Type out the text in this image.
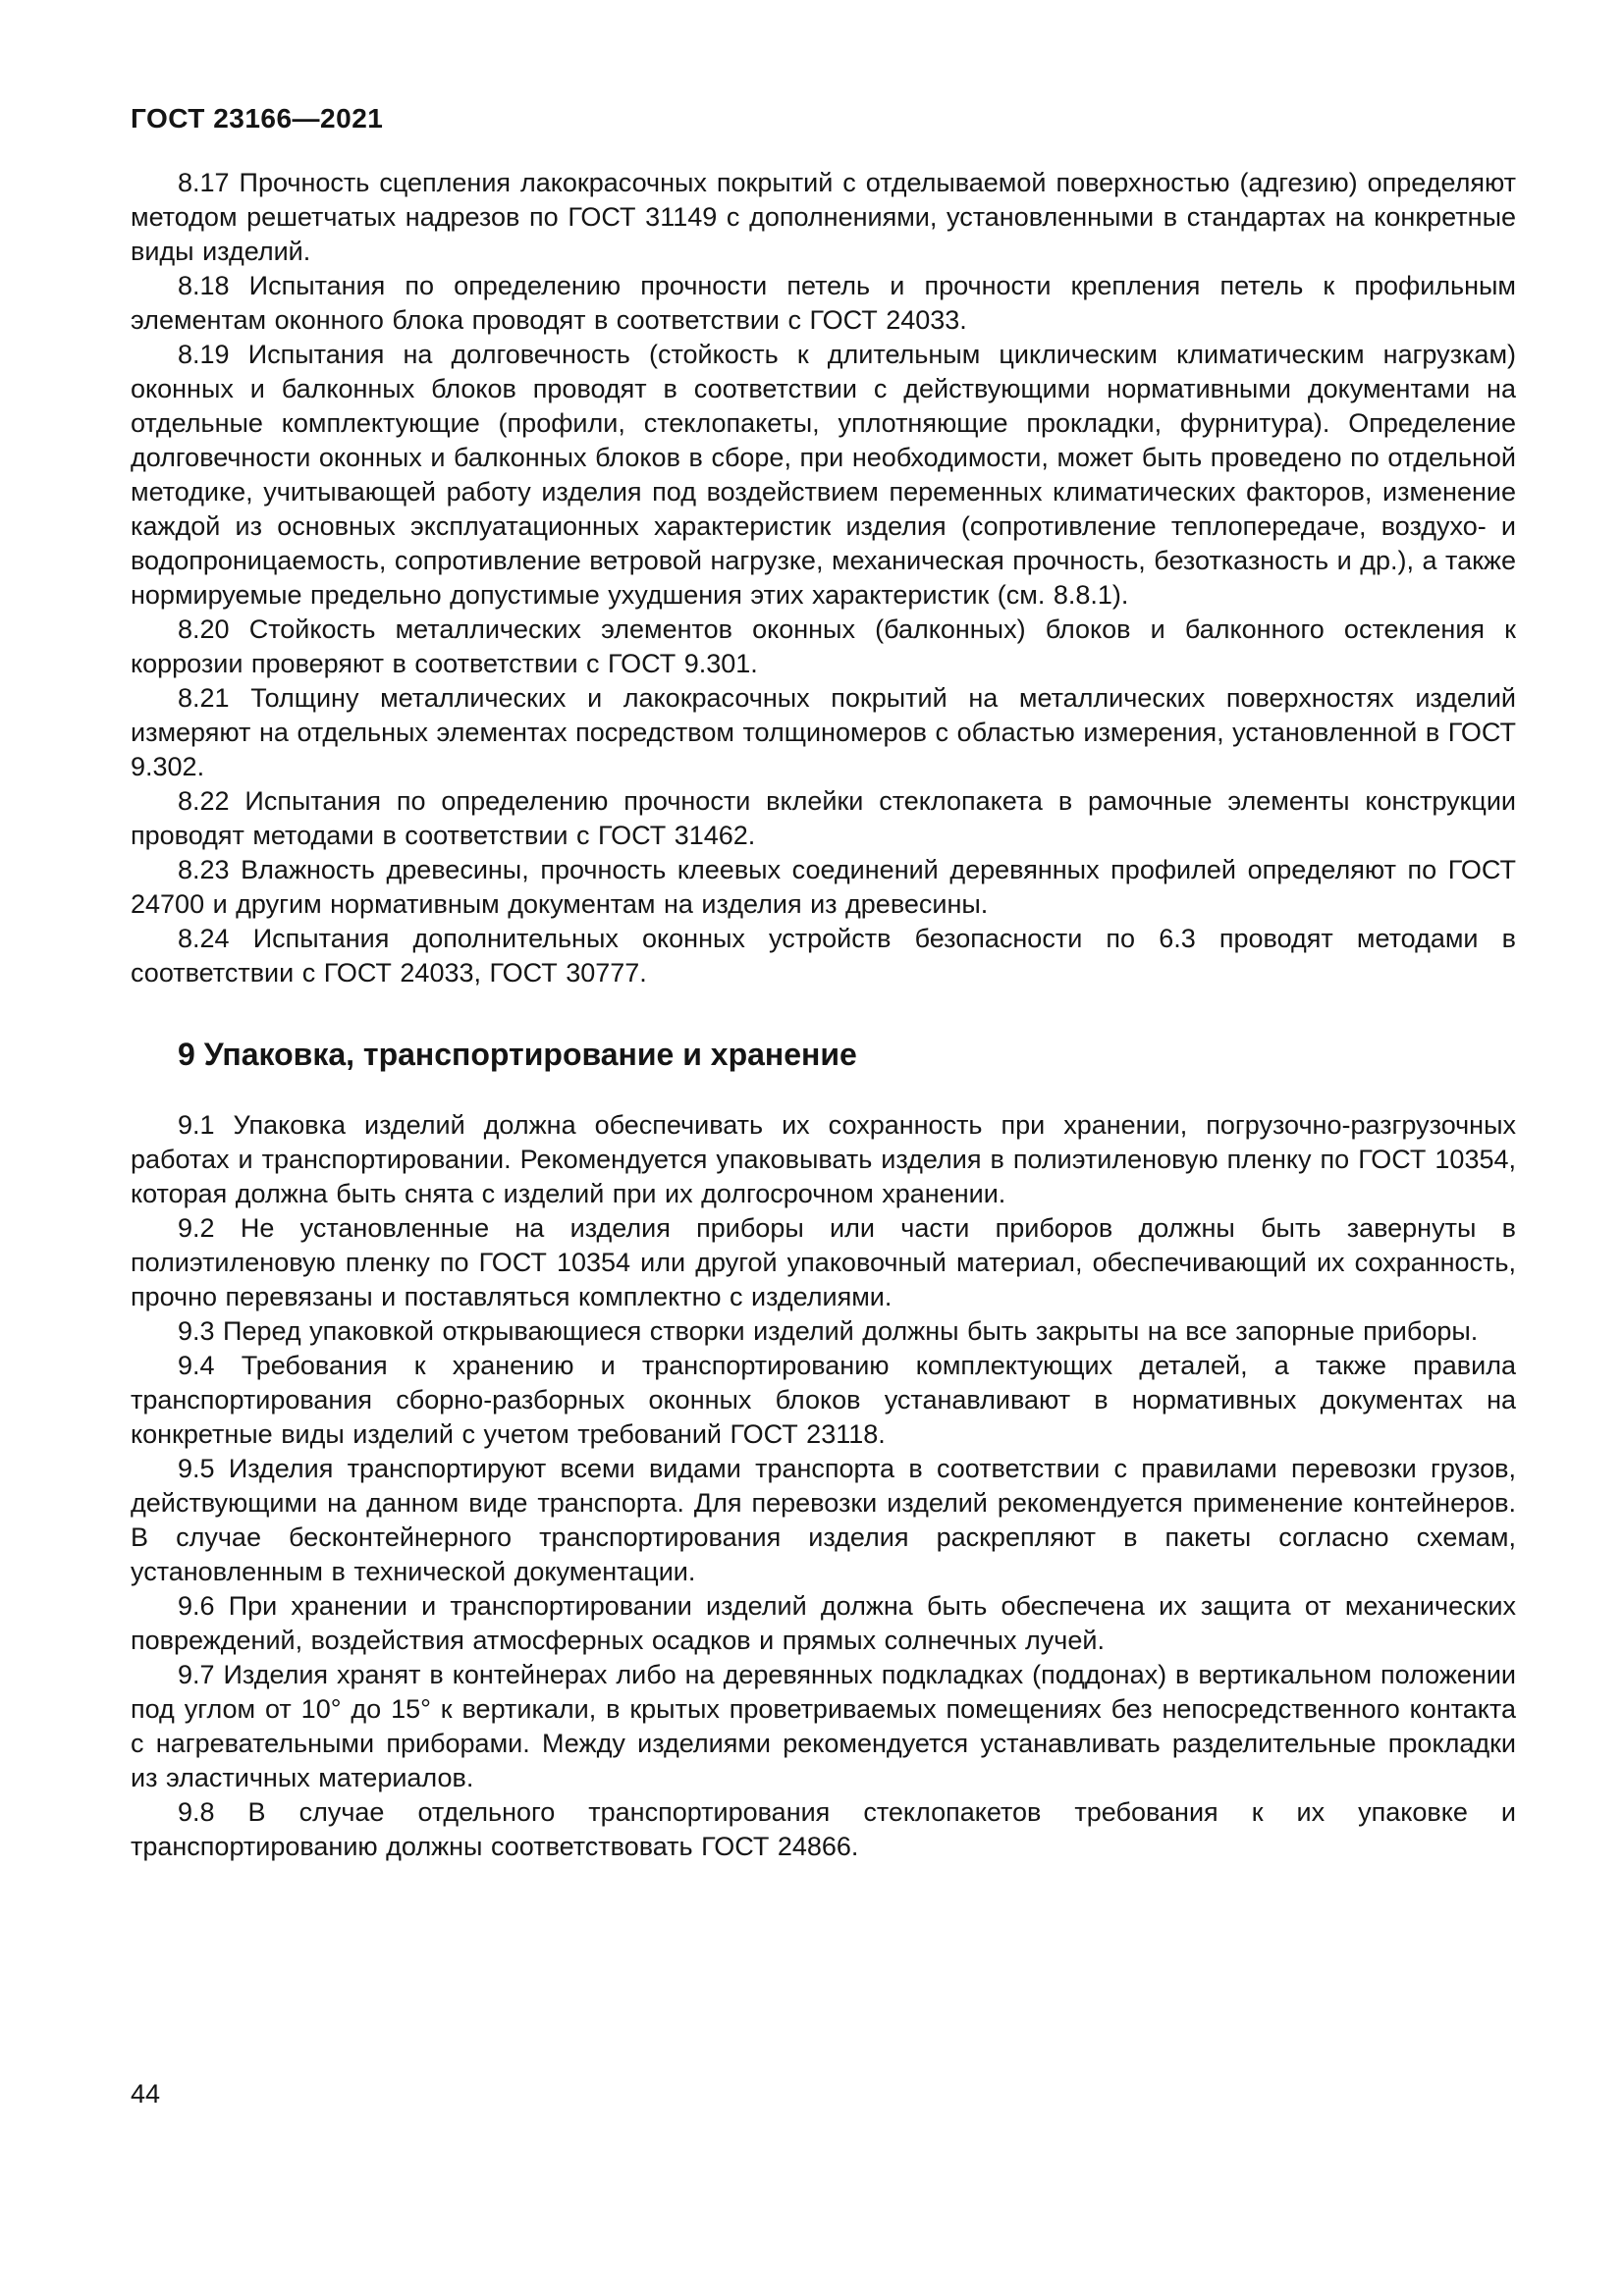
ГОСТ 23166—2021

8.17 Прочность сцепления лакокрасочных покрытий с отделываемой поверхностью (адгезию) определяют методом решетчатых надрезов по ГОСТ 31149 с дополнениями, установленными в стандартах на конкретные виды изделий.

8.18 Испытания по определению прочности петель и прочности крепления петель к профильным элементам оконного блока проводят в соответствии с ГОСТ 24033.

8.19 Испытания на долговечность (стойкость к длительным циклическим климатическим нагрузкам) оконных и балконных блоков проводят в соответствии с действующими нормативными документами на отдельные комплектующие (профили, стеклопакеты, уплотняющие прокладки, фурнитура). Определение долговечности оконных и балконных блоков в сборе, при необходимости, может быть проведено по отдельной методике, учитывающей работу изделия под воздействием переменных климатических факторов, изменение каждой из основных эксплуатационных характеристик изделия (сопротивление теплопередаче, воздухо- и водопроницаемость, сопротивление ветровой нагрузке, механическая прочность, безотказность и др.), а также нормируемые предельно допустимые ухудшения этих характеристик (см. 8.8.1).

8.20 Стойкость металлических элементов оконных (балконных) блоков и балконного остекления к коррозии проверяют в соответствии с ГОСТ 9.301.

8.21 Толщину металлических и лакокрасочных покрытий на металлических поверхностях изделий измеряют на отдельных элементах посредством толщиномеров с областью измерения, установленной в ГОСТ 9.302.

8.22 Испытания по определению прочности вклейки стеклопакета в рамочные элементы конструкции проводят методами в соответствии с ГОСТ 31462.

8.23 Влажность древесины, прочность клеевых соединений деревянных профилей определяют по ГОСТ 24700 и другим нормативным документам на изделия из древесины.

8.24 Испытания дополнительных оконных устройств безопасности по 6.3 проводят методами в соответствии с ГОСТ 24033, ГОСТ 30777.

9 Упаковка, транспортирование и хранение

9.1 Упаковка изделий должна обеспечивать их сохранность при хранении, погрузочно-разгрузочных работах и транспортировании. Рекомендуется упаковывать изделия в полиэтиленовую пленку по ГОСТ 10354, которая должна быть снята с изделий при их долгосрочном хранении.

9.2 Не установленные на изделия приборы или части приборов должны быть завернуты в полиэтиленовую пленку по ГОСТ 10354 или другой упаковочный материал, обеспечивающий их сохранность, прочно перевязаны и поставляться комплектно с изделиями.

9.3 Перед упаковкой открывающиеся створки изделий должны быть закрыты на все запорные приборы.

9.4 Требования к хранению и транспортированию комплектующих деталей, а также правила транспортирования сборно-разборных оконных блоков устанавливают в нормативных документах на конкретные виды изделий с учетом требований ГОСТ 23118.

9.5 Изделия транспортируют всеми видами транспорта в соответствии с правилами перевозки грузов, действующими на данном виде транспорта. Для перевозки изделий рекомендуется применение контейнеров. В случае бесконтейнерного транспортирования изделия раскрепляют в пакеты согласно схемам, установленным в технической документации.

9.6 При хранении и транспортировании изделий должна быть обеспечена их защита от механических повреждений, воздействия атмосферных осадков и прямых солнечных лучей.

9.7 Изделия хранят в контейнерах либо на деревянных подкладках (поддонах) в вертикальном положении под углом от 10° до 15° к вертикали, в крытых проветриваемых помещениях без непосредственного контакта с нагревательными приборами. Между изделиями рекомендуется устанавливать разделительные прокладки из эластичных материалов.

9.8 В случае отдельного транспортирования стеклопакетов требования к их упаковке и транспортированию должны соответствовать ГОСТ 24866.

44
